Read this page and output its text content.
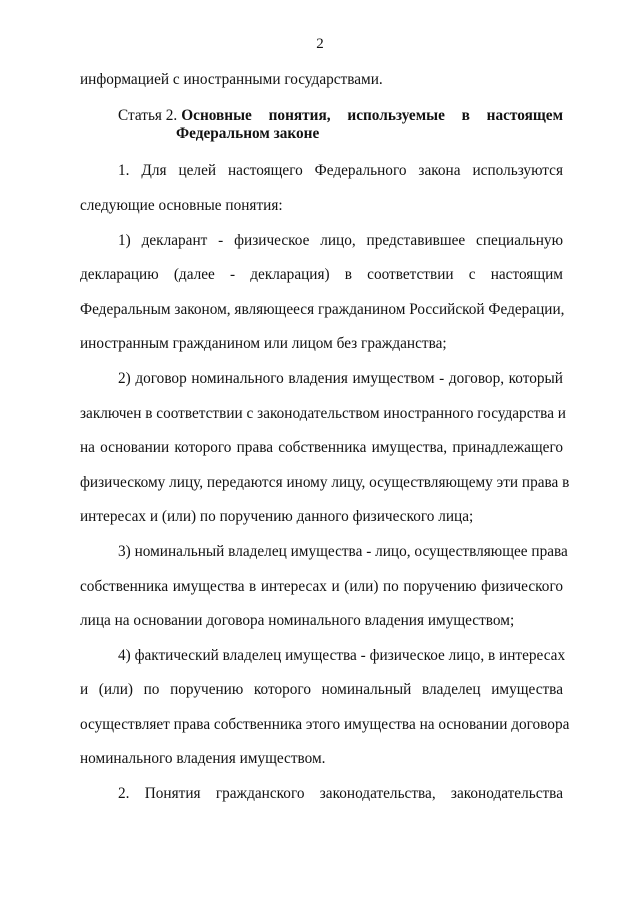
2
информацией с иностранными государствами.
Статья 2. Основные понятия, используемые в настоящем
Федеральном законе
1. Для целей настоящего Федерального закона используются
следующие основные понятия:
1) декларант - физическое лицо, представившее специальную
декларацию (далее - декларация) в соответствии с настоящим
Федеральным законом, являющееся гражданином Российской Федерации,
иностранным гражданином или лицом без гражданства;
2) договор номинального владения имуществом - договор, который
заключен в соответствии с законодательством иностранного государства и
на основании которого права собственника имущества, принадлежащего
физическому лицу, передаются иному лицу, осуществляющему эти права в
интересах и (или) по поручению данного физического лица;
3) номинальный владелец имущества - лицо, осуществляющее права
собственника имущества в интересах и (или) по поручению физического
лица на основании договора номинального владения имуществом;
4) фактический владелец имущества - физическое лицо, в интересах
и (или) по поручению которого номинальный владелец имущества
осуществляет права собственника этого имущества на основании договора
номинального владения имуществом.
2. Понятия гражданского законодательства, законодательства
